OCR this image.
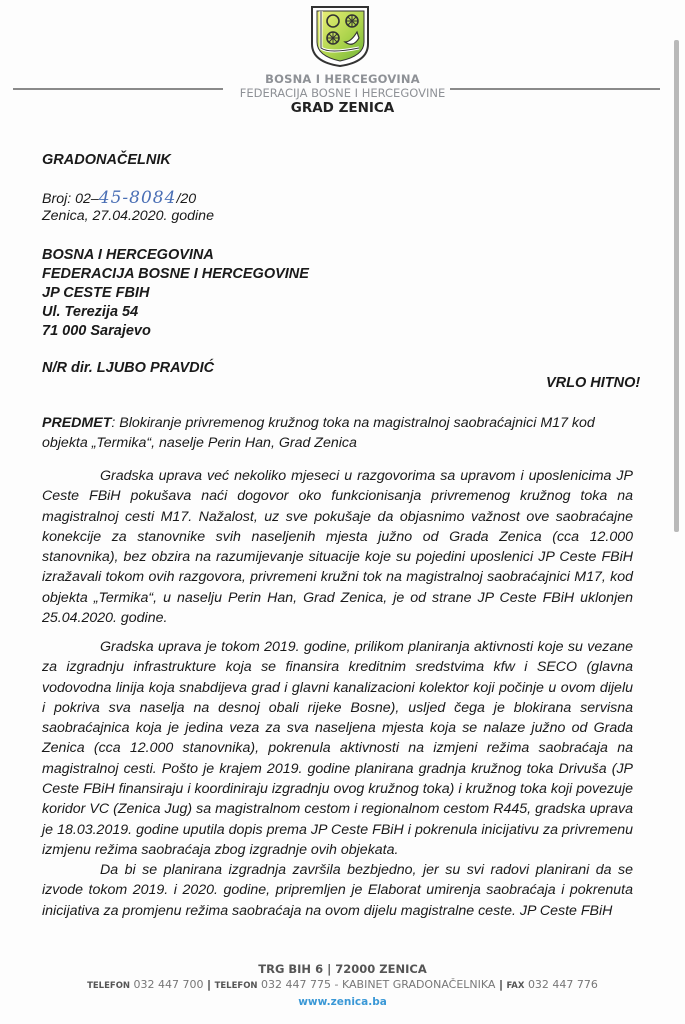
BOSNA I HERCEGOVINA
FEDERACIJA BOSNE I HERCEGOVINE
GRAD ZENICA
GRADONAČELNIK
Broj: 02–45-8084/20
Zenica, 27.04.2020. godine
BOSNA I HERCEGOVINA
FEDERACIJA BOSNE I HERCEGOVINE
JP CESTE FBIH
Ul. Terezija 54
71 000 Sarajevo
N/R dir. LJUBO PRAVDIĆ
VRLO HITNO!
PREDMET: Blokiranje privremenog kružnog toka na magistralnoj saobraćajnici M17 kod objekta „Termika“, naselje Perin Han, Grad Zenica
Gradska uprava već nekoliko mjeseci u razgovorima sa upravom i uposlenicima JP Ceste FBiH pokušava naći dogovor oko funkcionisanja privremenog kružnog toka na magistralnoj cesti M17. Nažalost, uz sve pokušaje da objasnimo važnost ove saobraćajne konekcije za stanovnike svih naseljenih mjesta južno od Grada Zenica (cca 12.000 stanovnika), bez obzira na razumijevanje situacije koje su pojedini uposlenici JP Ceste FBiH izražavali tokom ovih razgovora, privremeni kružni tok na magistralnoj saobraćajnici M17, kod objekta „Termika“, u naselju Perin Han, Grad Zenica, je od strane JP Ceste FBiH uklonjen 25.04.2020. godine.
Gradska uprava je tokom 2019. godine, prilikom planiranja aktivnosti koje su vezane za izgradnju infrastrukture koja se finansira kreditnim sredstvima kfw i SECO (glavna vodovodna linija koja snabdijeva grad i glavni kanalizacioni kolektor koji počinje u ovom dijelu i pokriva sva naselja na desnoj obali rijeke Bosne), usljed čega je blokirana servisna saobraćajnica koja je jedina veza za sva naseljena mjesta koja se nalaze južno od Grada Zenica (cca 12.000 stanovnika), pokrenula aktivnosti na izmjeni režima saobraćaja na magistralnoj cesti. Pošto je krajem 2019. godine planirana gradnja kružnog toka Drivuša (JP Ceste FBiH finansiraju i koordiniraju izgradnju ovog kružnog toka) i kružnog toka koji povezuje koridor VC (Zenica Jug) sa magistralnom cestom i regionalnom cestom R445, gradska uprava je 18.03.2019. godine uputila dopis prema JP Ceste FBiH i pokrenula inicijativu za privremenu izmjenu režima saobraćaja zbog izgradnje ovih objekata.
Da bi se planirana izgradnja završila bezbjedno, jer su svi radovi planirani da se izvode tokom 2019. i 2020. godine, pripremljen je Elaborat umirenja saobraćaja i pokrenuta inicijativa za promjenu režima saobraćaja na ovom dijelu magistralne ceste. JP Ceste FBiH
TRG BIH 6 | 72000 ZENICA
TELEFON 032 447 700 | TELEFON 032 447 775 - KABINET GRADONAČELNIKA | FAX 032 447 776
www.zenica.ba
